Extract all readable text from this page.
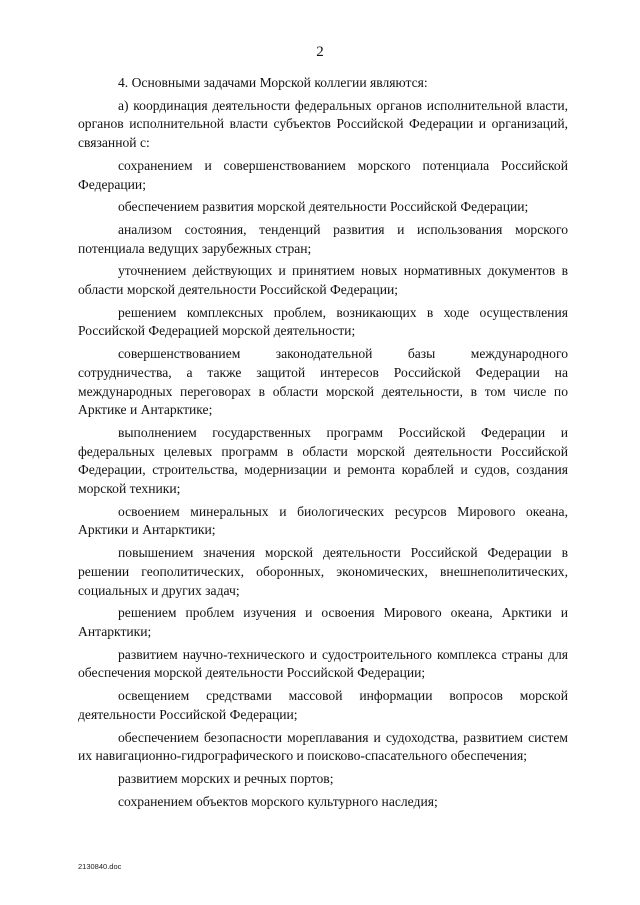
2

4. Основными задачами Морской коллегии являются:

а) координация деятельности федеральных органов исполнительной власти, органов исполнительной власти субъектов Российской Федерации и организаций, связанной с:

сохранением и совершенствованием морского потенциала Российской Федерации;

обеспечением развития морской деятельности Российской Федерации;

анализом состояния, тенденций развития и использования морского потенциала ведущих зарубежных стран;

уточнением действующих и принятием новых нормативных документов в области морской деятельности Российской Федерации;

решением комплексных проблем, возникающих в ходе осуществления Российской Федерацией морской деятельности;

совершенствованием законодательной базы международного сотрудничества, а также защитой интересов Российской Федерации на международных переговорах в области морской деятельности, в том числе по Арктике и Антарктике;

выполнением государственных программ Российской Федерации и федеральных целевых программ в области морской деятельности Российской Федерации, строительства, модернизации и ремонта кораблей и судов, создания морской техники;

освоением минеральных и биологических ресурсов Мирового океана, Арктики и Антарктики;

повышением значения морской деятельности Российской Федерации в решении геополитических, оборонных, экономических, внешнеполитических, социальных и других задач;

решением проблем изучения и освоения Мирового океана, Арктики и Антарктики;

развитием научно-технического и судостроительного комплекса страны для обеспечения морской деятельности Российской Федерации;

освещением средствами массовой информации вопросов морской деятельности Российской Федерации;

обеспечением безопасности мореплавания и судоходства, развитием систем их навигационно-гидрографического и поисково-спасательного обеспечения;

развитием морских и речных портов;

сохранением объектов морского культурного наследия;

2130840.doc
